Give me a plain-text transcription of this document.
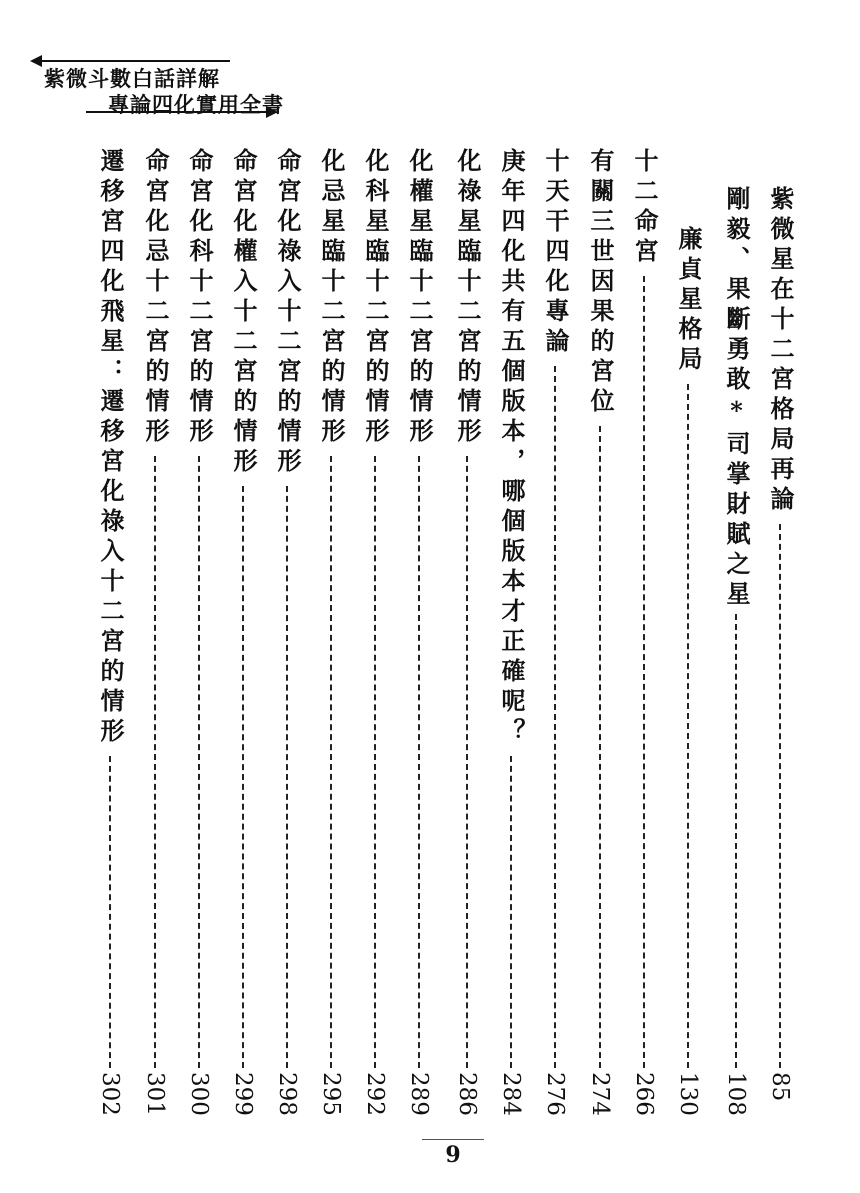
紫微斗數白話詳解
專論四化實用全書
紫微星在十二宮格局再論
85
剛毅、果斷勇敢*司掌財賦之星
108
廉貞星格局
130
十二命宮
266
有關三世因果的宮位
274
十天干四化專論
276
庚年四化共有五個版本，哪個版本才正確呢？
284
化祿星臨十二宮的情形
286
化權星臨十二宮的情形
289
化科星臨十二宮的情形
292
化忌星臨十二宮的情形
295
命宮化祿入十二宮的情形
298
命宮化權入十二宮的情形
299
命宮化科十二宮的情形
300
命宮化忌十二宮的情形
301
遷移宮四化飛星：遷移宮化祿入十二宮的情形
302
9
